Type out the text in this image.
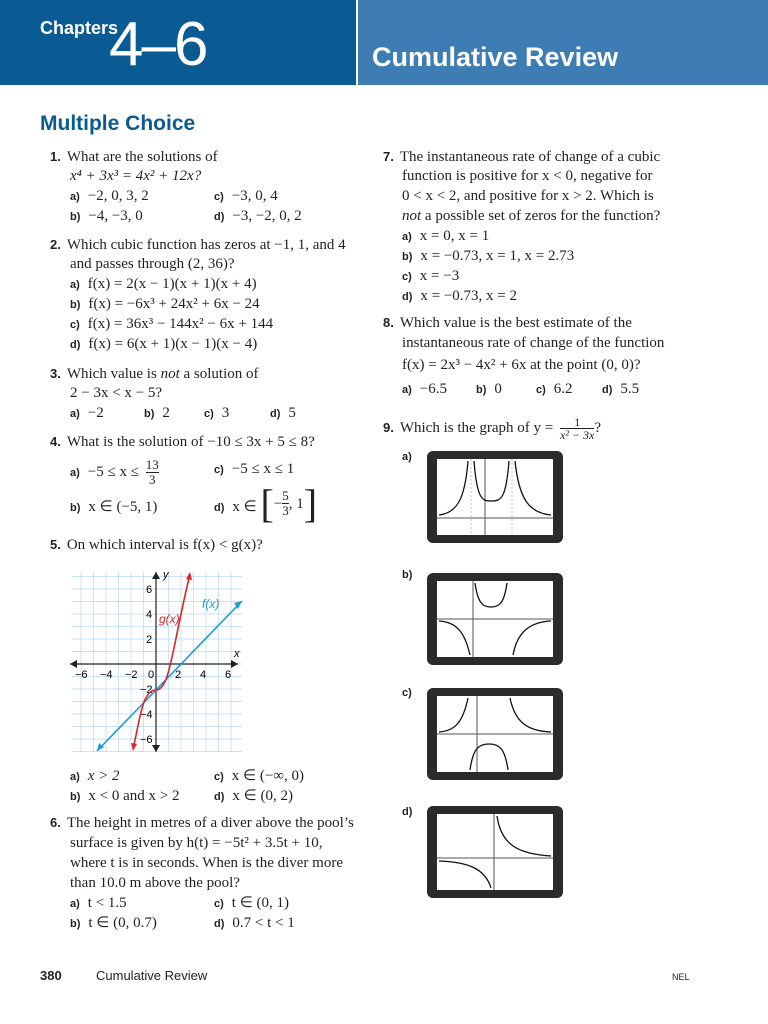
Chapters
4–6	Cumulative Review
Multiple Choice
1. What are the solutions of
x⁴ + 3x³ = 4x² + 12x?
a) −2, 0, 3, 2	c) −3, 0, 4
b) −4, −3, 0	d) −3, −2, 0, 2
2. Which cubic function has zeros at −1, 1, and 4
and passes through (2, 36)?
a) f(x) = 2(x − 1)(x + 1)(x + 4)
b) f(x) = −6x³ + 24x² + 6x − 24
c) f(x) = 36x³ − 144x² − 6x + 144
d) f(x) = 6(x + 1)(x − 1)(x − 4)
3. Which value is not a solution of
2 − 3x < x − 5?
a) −2	b) 2	c) 3	d) 5
4. What is the solution of −10 ≤ 3x + 5 ≤ 8?
$a) -5 \le x \le \frac{13}{3}$	c) −5 ≤ x ≤ 1
b) x ∈ (−5, 1)	$_{d)}$ x ∈ [− $\frac{5}{3}$ , 1]
5. On which interval is f(x) < g(x)?
−6 −4 −2 0 2 4 6
6
4
2
−2
−4
−6
f(x)
g(x)
x
y
a) x > 2	c) x ∈ (−∞, 0)
b) x < 0 and x > 2	d) x ∈ (0, 2)
6. The height in metres of a diver above the pool’s
surface is given by h(t) = −5t² + 3.5t + 10,
where t is in seconds. When is the diver more
than 10.0 m above the pool?
a) t < 1.5	c) t ∈ (0, 1)
b) t ∈ (0, 0.7)	d) 0.7 < t < 1
7. The instantaneous rate of change of a cubic
function is positive for x < 0, negative for
0 < x < 2, and positive for x > 2. Which is
not a possible set of zeros for the function?
a) x = 0, x = 1
b) x = −0.73, x = 1, x = 2.73
c) x = −3
d) x = −0.73, x = 2
8. Which value is the best estimate of the
instantaneous rate of change of the function
f(x) = 2x³ − 4x² + 6x at the point (0, 0)?
a) −6.5	b) 0	c) 6.2	d) 5.5
9. Which is the graph of $y = \frac{1}{\text{x² − 3x}}$ ?
a)
b)
c)
d)
380	Cumulative Review	NEL
